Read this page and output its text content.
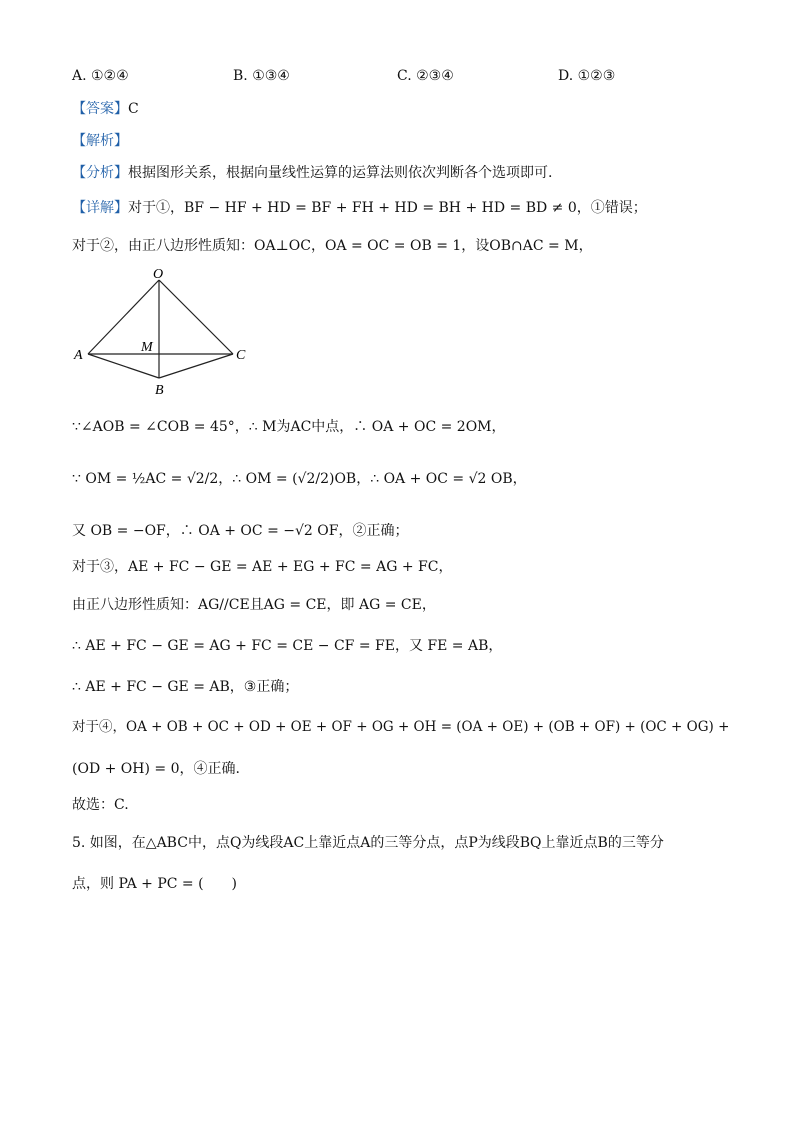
A. ①②④	B. ①③④	C. ②③④	D. ①②③
【答案】C
【解析】
【分析】根据图形关系，根据向量线性运算的运算法则依次判断各个选项即可.
【详解】对于①，BF − HF + HD = BF + FH + HD = BH + HD = BD ≠ 0，①错误；
对于②，由正八边形性质知：OA⊥OC，OA = OC = OB = 1，设OB∩AC = M，
O
A
M
C
B
∵∠AOB = ∠COB = 45°，∴ M为AC中点，∴ OA + OC = 2OM，
∵ OM = ½AC = √2/2，∴ OM = (√2/2)OB，∴ OA + OC = √2 OB，
又 OB = −OF，∴ OA + OC = −√2 OF，②正确；
对于③，AE + FC − GE = AE + EG + FC = AG + FC，
由正八边形性质知：AG//CE且AG = CE，即 AG = CE，
∴ AE + FC − GE = AG + FC = CE − CF = FE，又 FE = AB，
∴ AE + FC − GE = AB，③正确；
对于④，OA + OB + OC + OD + OE + OF + OG + OH = (OA + OE) + (OB + OF) + (OC + OG) +
(OD + OH) = 0，④正确.
故选：C.
5. 如图，在△ABC中，点Q为线段AC上靠近点A的三等分点，点P为线段BQ上靠近点B的三等分
点，则 PA + PC = (　　)
